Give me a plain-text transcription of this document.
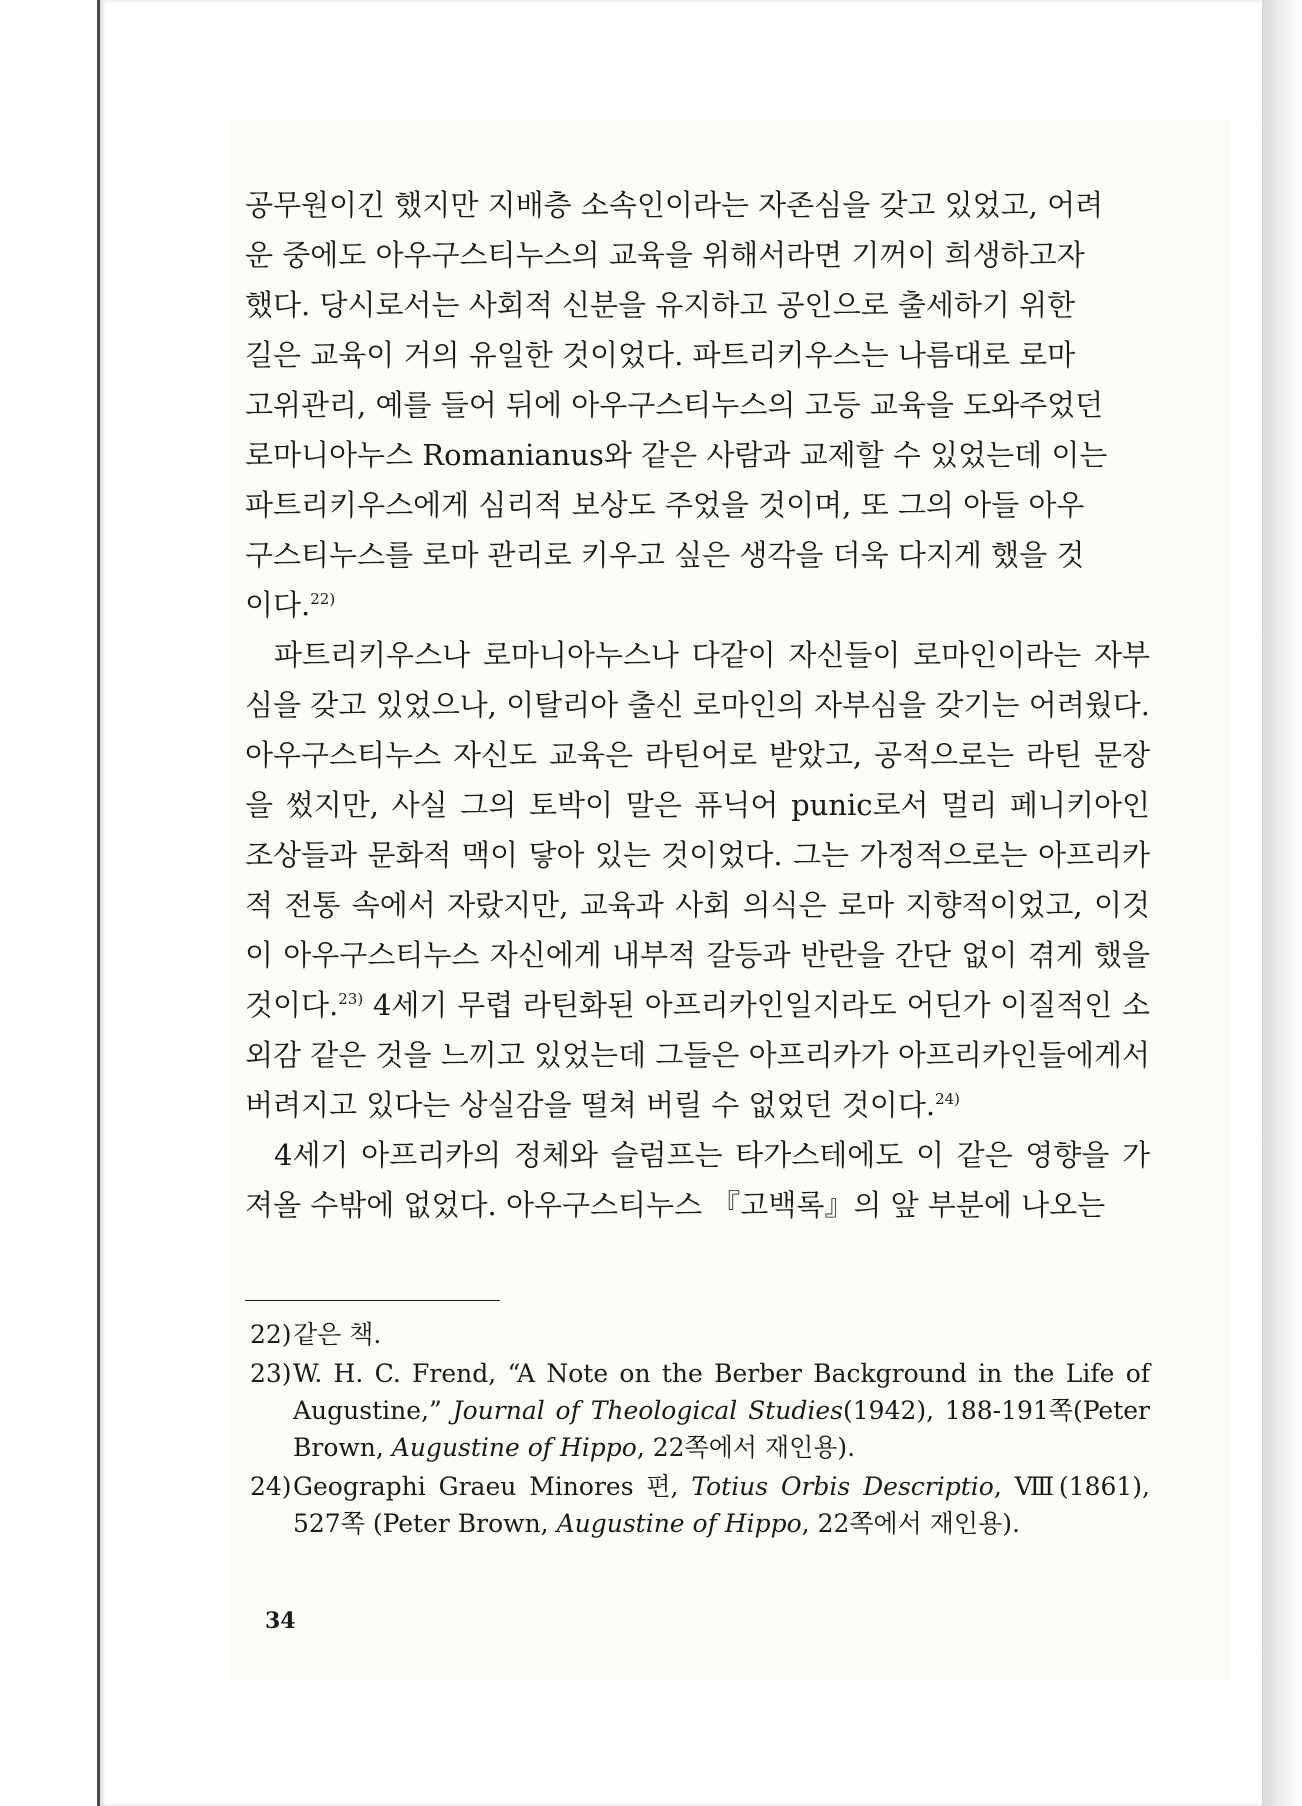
공무원이긴 했지만 지배층 소속인이라는 자존심을 갖고 있었고, 어려
운 중에도 아우구스티누스의 교육을 위해서라면 기꺼이 희생하고자
했다. 당시로서는 사회적 신분을 유지하고 공인으로 출세하기 위한
길은 교육이 거의 유일한 것이었다. 파트리키우스는 나름대로 로마
고위관리, 예를 들어 뒤에 아우구스티누스의 고등 교육을 도와주었던
로마니아누스 Romanianus와 같은 사람과 교제할 수 있었는데 이는
파트리키우스에게 심리적 보상도 주었을 것이며, 또 그의 아들 아우
구스티누스를 로마 관리로 키우고 싶은 생각을 더욱 다지게 했을 것
이다.$^{22)}$

파트리키우스나 로마니아누스나 다같이 자신들이 로마인이라는 자부심을 갖고 있었으나, 이탈리아 출신 로마인의 자부심을 갖기는 어려웠다. 아우구스티누스 자신도 교육은 라틴어로 받았고, 공적으로는 라틴 문장을 썼지만, 사실 그의 토박이 말은 퓨닉어 punic로서 멀리 페니키아인 조상들과 문화적 맥이 닿아 있는 것이었다. 그는 가정적으로는 아프리카적 전통 속에서 자랐지만, 교육과 사회 의식은 로마 지향적이었고, 이것이 아우구스티누스 자신에게 내부적 갈등과 반란을 간단 없이 겪게 했을 것이다.$^{23)}$ 4세기 무렵 라틴화된 아프리카인일지라도 어딘가 이질적인 소외감 같은 것을 느끼고 있었는데 그들은 아프리카가 아프리카인들에게서 버려지고 있다는 상실감을 떨쳐 버릴 수 없었던 것이다.$^{24)}$

4세기 아프리카의 정체와 슬럼프는 타가스테에도 이 같은 영향을 가져올 수밖에 없었다. 아우구스티누스 『고백록』의 앞 부분에 나오는

22)같은 책.

23)W. H. C. Frend, “A Note on the Berber Background in the Life of Augustine,” Journal of Theological Studies(1942), 188-191쪽(Peter Brown, Augustine of Hippo, 22쪽에서 재인용).

24)Geographi Graeu Minores 편, Totius Orbis Descriptio, Ⅷ(1861), 527쪽 (Peter Brown, Augustine of Hippo, 22쪽에서 재인용).

34
